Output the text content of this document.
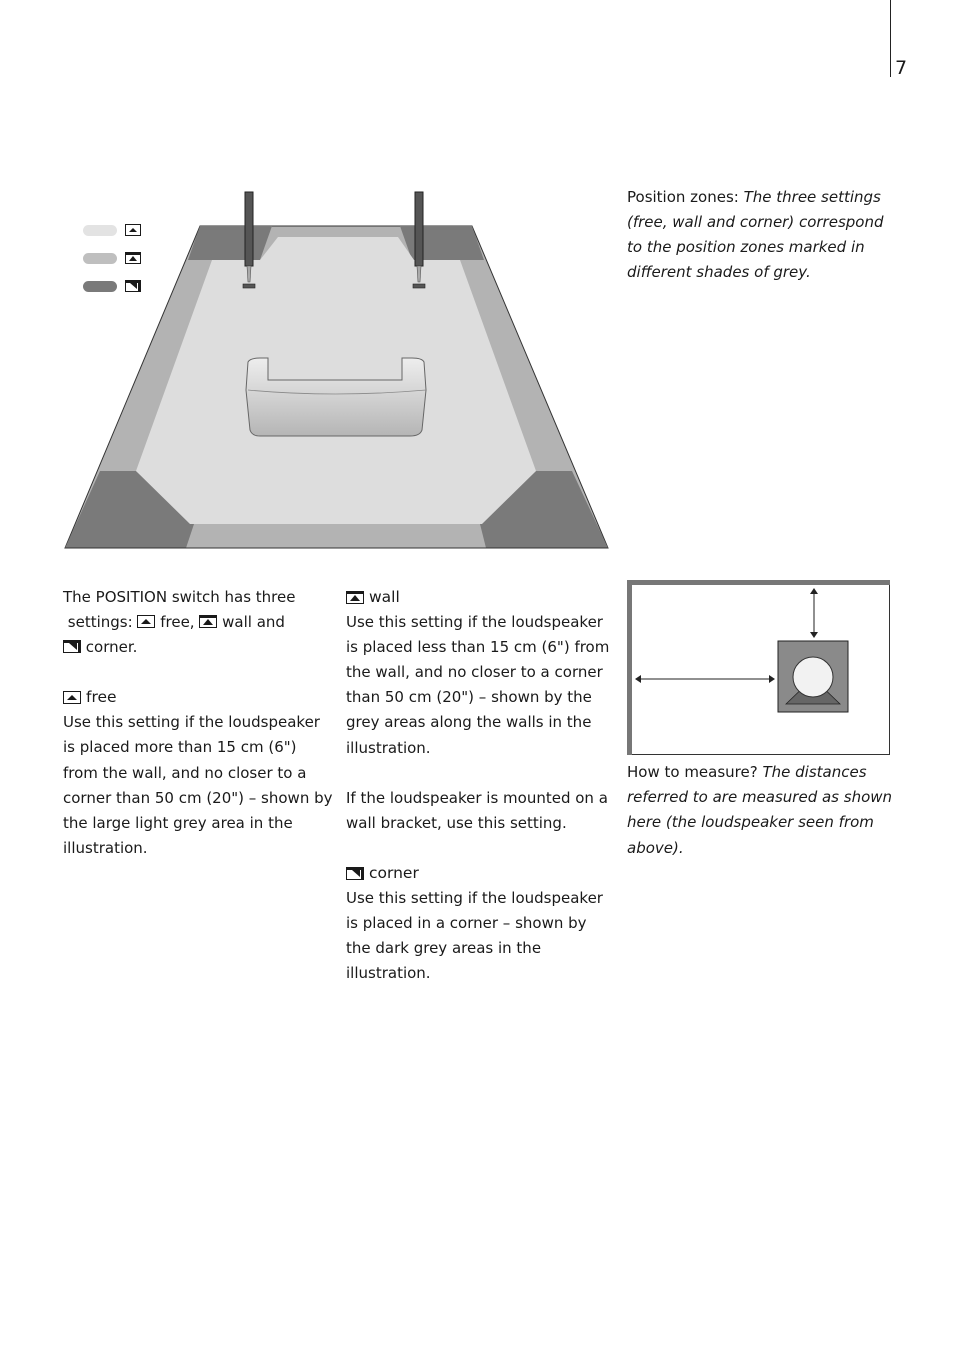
7
Position zones: The three settings (free, wall and corner) correspond to the position zones marked in different shades of grey.

The POSITION switch has three
settings: free, wall and

corner.

free

Use this setting if the loudspeaker is placed more than 15 cm (6") from the wall, and no closer to a corner than 50 cm (20") – shown by the large light grey area in the illustration.

wall

Use this setting if the loudspeaker is placed less than 15 cm (6") from the wall, and no closer to a corner than 50 cm (20") – shown by the grey areas along the walls in the illustration.

If the loudspeaker is mounted on a wall bracket, use this setting.

corner

Use this setting if the loudspeaker is placed in a corner – shown by the dark grey areas in the illustration.

How to measure? The distances referred to are measured as shown here (the loudspeaker seen from above).
